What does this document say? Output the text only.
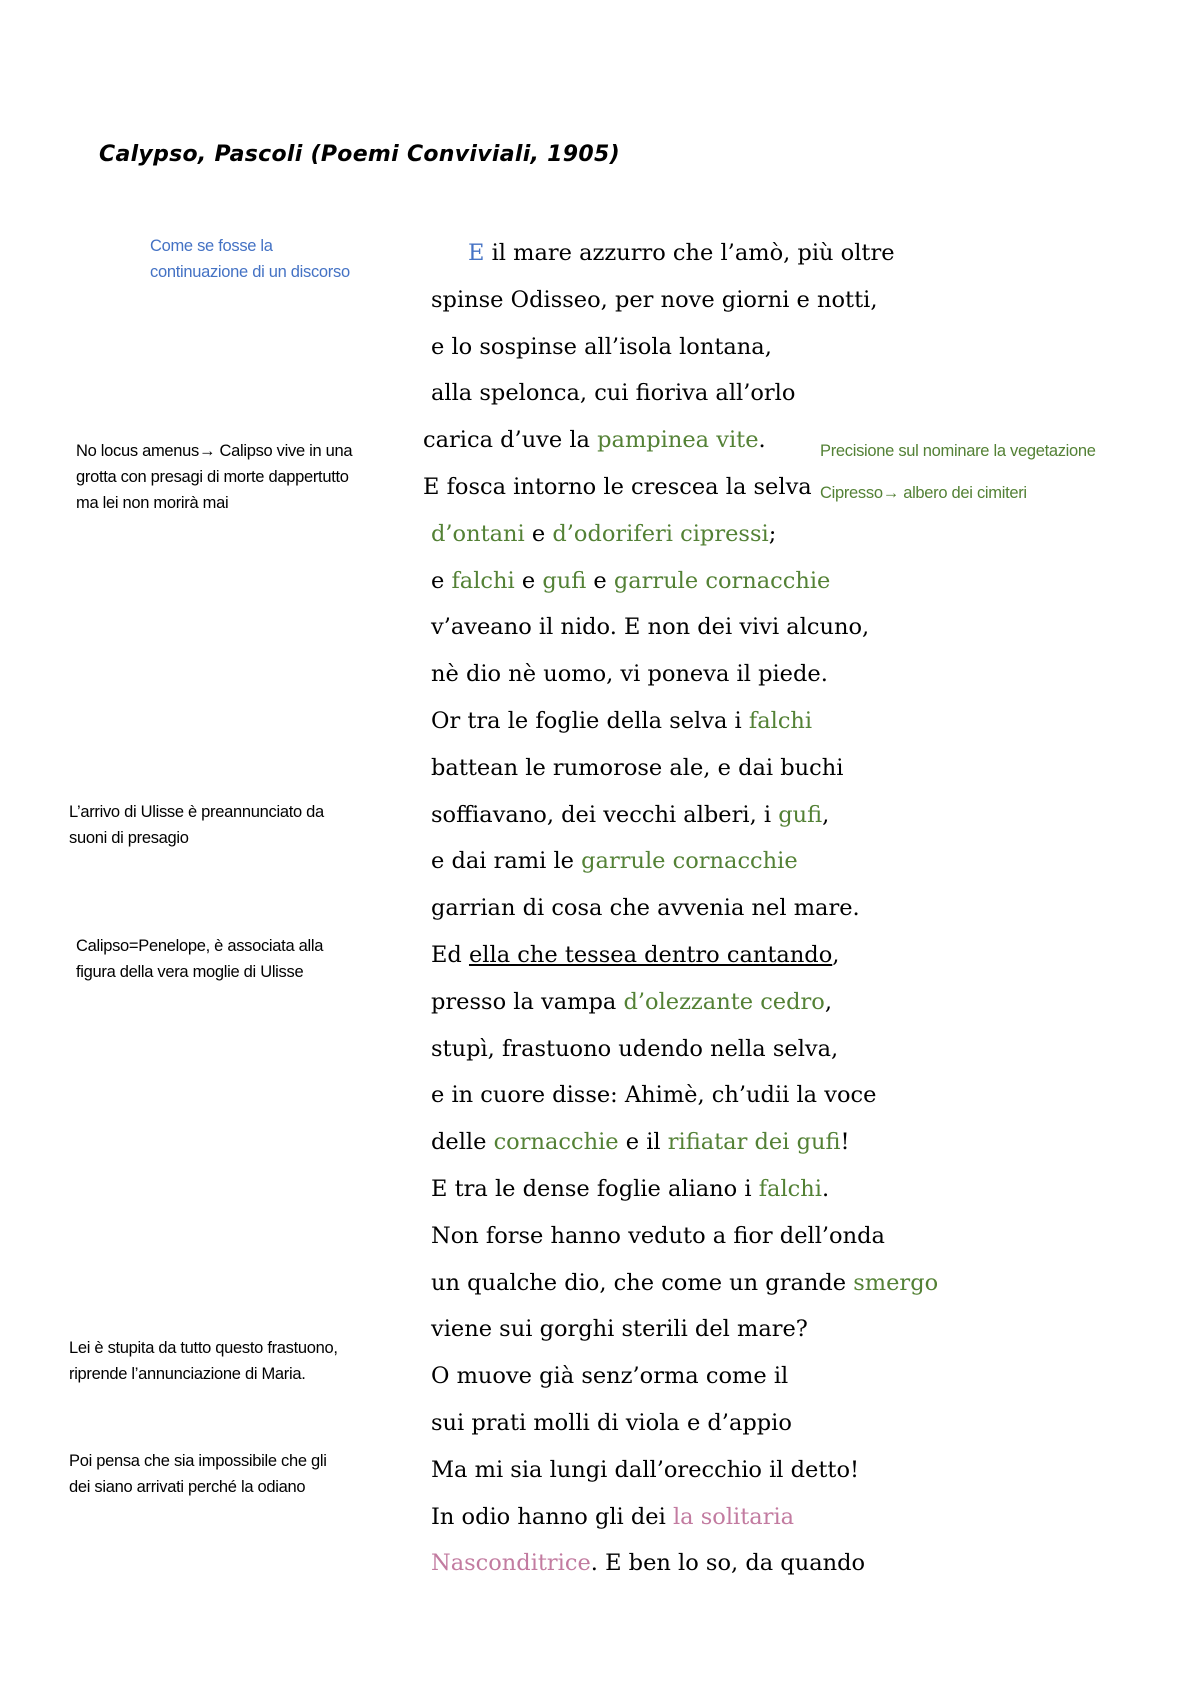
Calypso, Pascoli (Poemi Conviviali, 1905)
Come se fosse la
continuazione di un discorso
No locus amenus→ Calipso vive in una
grotta con presagi di morte dappertutto
ma lei non morirà mai
Precisione sul nominare la vegetazione
Cipresso→ albero dei cimiteri
L’arrivo di Ulisse è preannunciato da
suoni di presagio
Calipso=Penelope, è associata alla
figura della vera moglie di Ulisse
Lei è stupita da tutto questo frastuono,
riprende l’annunciazione di Maria.
Poi pensa che sia impossibile che gli
dei siano arrivati perché la odiano
spinse Odisseo, per nove giorni e notti,
e lo sospinse all’isola lontana,
alla spelonca, cui fioriva all’orlo
carica d’uve la pampinea vite.
E fosca intorno le crescea la selva
d’ontani e d’odoriferi cipressi;
v’aveano il nido. E non dei vivi alcuno,
nè dio nè uomo, vi poneva il piede.
Or tra le foglie della selva i falchi
battean le rumorose ale, e dai buchi
soffiavano, dei vecchi alberi, i gufi,
e dai rami le garrule cornacchie
garrian di cosa che avvenia nel mare.
Ed ella che tessea dentro cantando,
presso la vampa d’olezzante cedro,
stupì, frastuono udendo nella selva,
e in cuore disse: Ahimè, ch’udii la voce
delle cornacchie e il rifiatar dei gufi!
E tra le dense foglie aliano i falchi.
Non forse hanno veduto a fior dell’onda
viene sui gorghi sterili del mare?
O muove già senz’orma come il
sui prati molli di viola e d’appio
Ma mi sia lungi dall’orecchio il detto!
In odio hanno gli dei la solitaria
Nasconditrice. E ben lo so, da quando
E il mare azzurro che l’amò, più oltre
e falchi e gufi e garrule cornacchie
un qualche dio, che come un grande smergo
